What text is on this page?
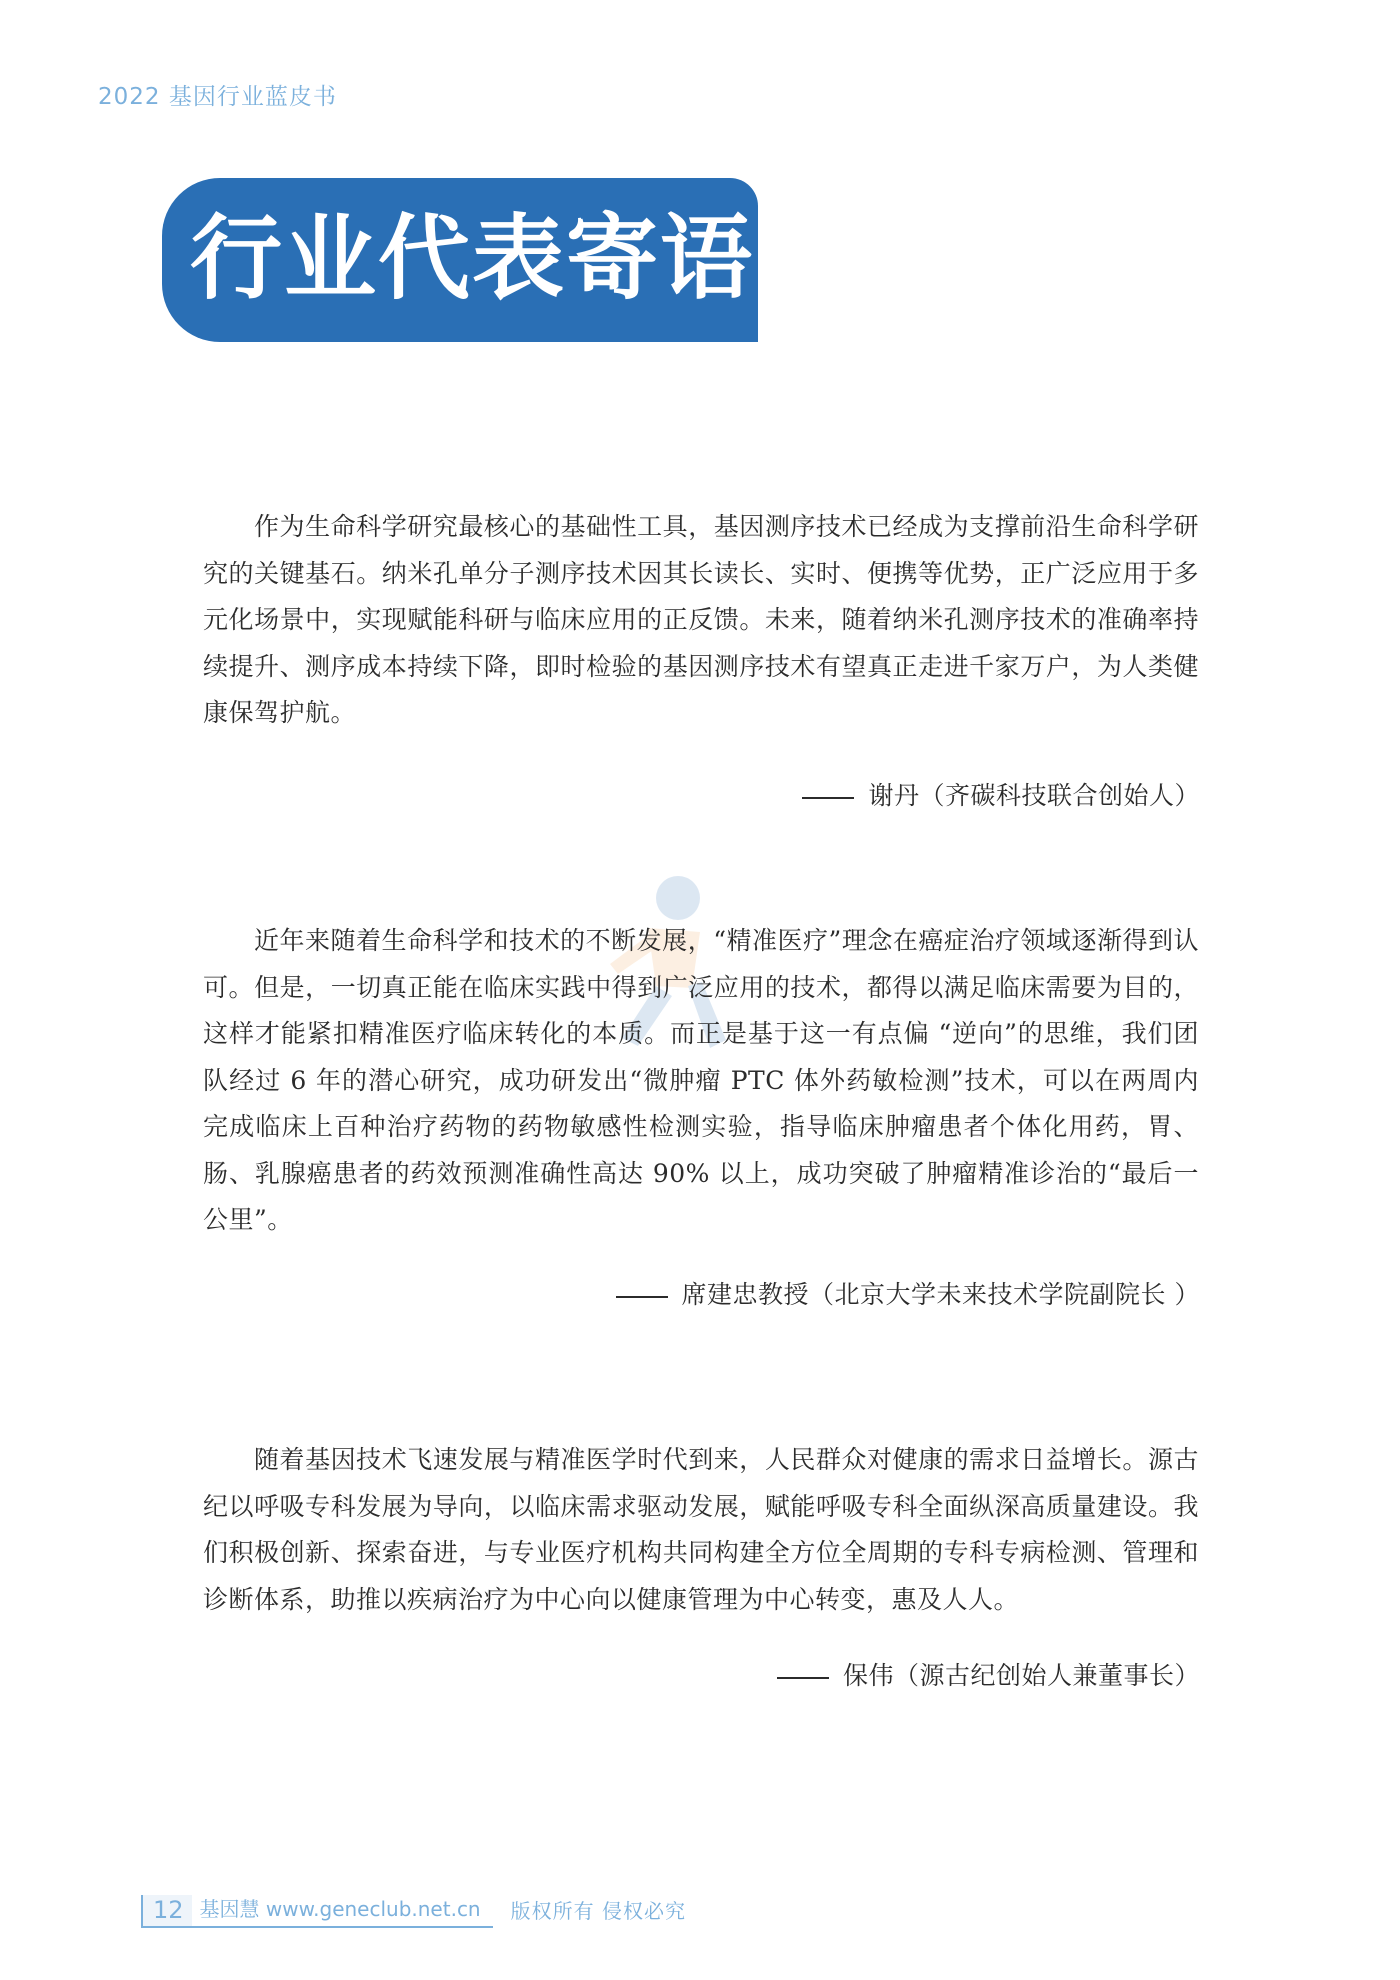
2022 基因行业蓝皮书
行业代表寄语

作为生命科学研究最核心的基础性工具，基因测序技术已经成为支撑前沿生命科学研究的关键基石。纳米孔单分子测序技术因其长读长、实时、便携等优势，正广泛应用于多元化场景中，实现赋能科研与临床应用的正反馈。未来，随着纳米孔测序技术的准确率持续提升、测序成本持续下降，即时检验的基因测序技术有望真正走进千家万户，为人类健康保驾护航。

谢丹（齐碳科技联合创始人）

近年来随着生命科学和技术的不断发展，“精准医疗”理念在癌症治疗领域逐渐得到认可。但是，一切真正能在临床实践中得到广泛应用的技术，都得以满足临床需要为目的，这样才能紧扣精准医疗临床转化的本质。而正是基于这一有点偏 “逆向”的思维，我们团队经过 6 年的潜心研究，成功研发出“微肿瘤 PTC 体外药敏检测”技术，可以在两周内完成临床上百种治疗药物的药物敏感性检测实验，指导临床肿瘤患者个体化用药，胃、肠、乳腺癌患者的药效预测准确性高达 90% 以上，成功突破了肿瘤精准诊治的“最后一公里”。

席建忠教授（北京大学未来技术学院副院长 ）

随着基因技术飞速发展与精准医学时代到来，人民群众对健康的需求日益增长。源古纪以呼吸专科发展为导向，以临床需求驱动发展，赋能呼吸专科全面纵深高质量建设。我们积极创新、探索奋进，与专业医疗机构共同构建全方位全周期的专科专病检测、管理和诊断体系，助推以疾病治疗为中心向以健康管理为中心转变，惠及人人。

保伟（源古纪创始人兼董事长）
12 基因慧 www.geneclub.net.cn	版权所有 侵权必究
